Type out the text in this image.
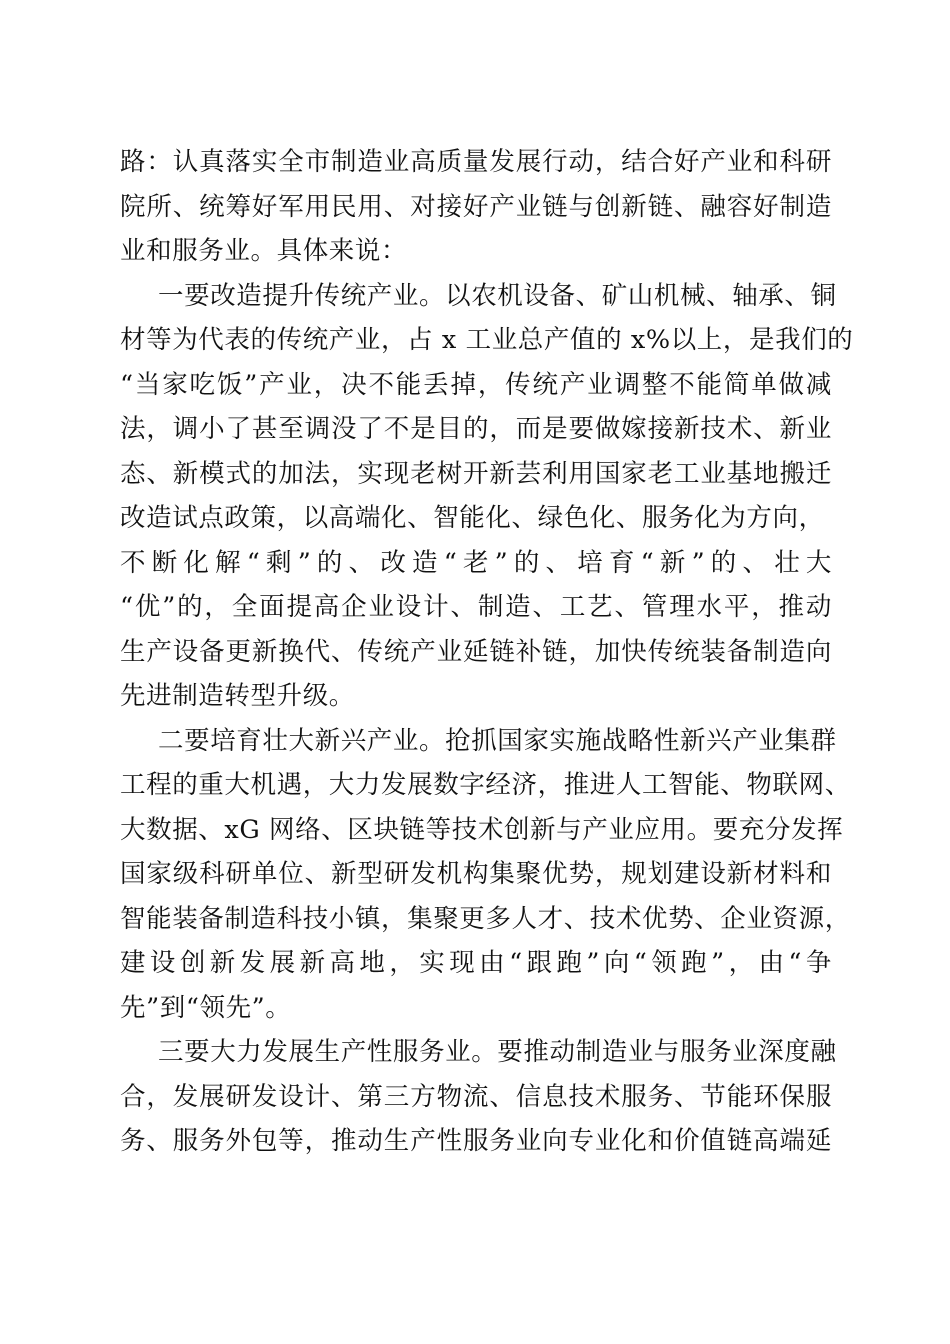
路：认真落实全市制造业高质量发展行动，结合好产业和科研
院所、统筹好军用民用、对接好产业链与创新链、融容好制造
业和服务业。具体来说：
一要改造提升传统产业。以农机设备、矿山机械、轴承、铜
材等为代表的传统产业，占 x 工业总产值的 x%以上，是我们的
“当家吃饭”产业，决不能丢掉，传统产业调整不能简单做减
法，调小了甚至调没了不是目的，而是要做嫁接新技术、新业
态、新模式的加法，实现老树开新芸利用国家老工业基地搬迁
改造试点政策，以高端化、智能化、绿色化、服务化为方向，
不断化解“剩”的、改造“老”的、培育“新”的、壮大
“优”的，全面提高企业设计、制造、工艺、管理水平，推动
生产设备更新换代、传统产业延链补链，加快传统装备制造向
先进制造转型升级。
二要培育壮大新兴产业。抢抓国家实施战略性新兴产业集群
工程的重大机遇，大力发展数字经济，推进人工智能、物联网、
大数据、xG 网络、区块链等技术创新与产业应用。要充分发挥
国家级科研单位、新型研发机构集聚优势，规划建设新材料和
智能装备制造科技小镇，集聚更多人才、技术优势、企业资源，
建设创新发展新高地，实现由“跟跑”向“领跑”，由“争
先”到“领先”。
三要大力发展生产性服务业。要推动制造业与服务业深度融
合，发展研发设计、第三方物流、信息技术服务、节能环保服
务、服务外包等，推动生产性服务业向专业化和价值链高端延
